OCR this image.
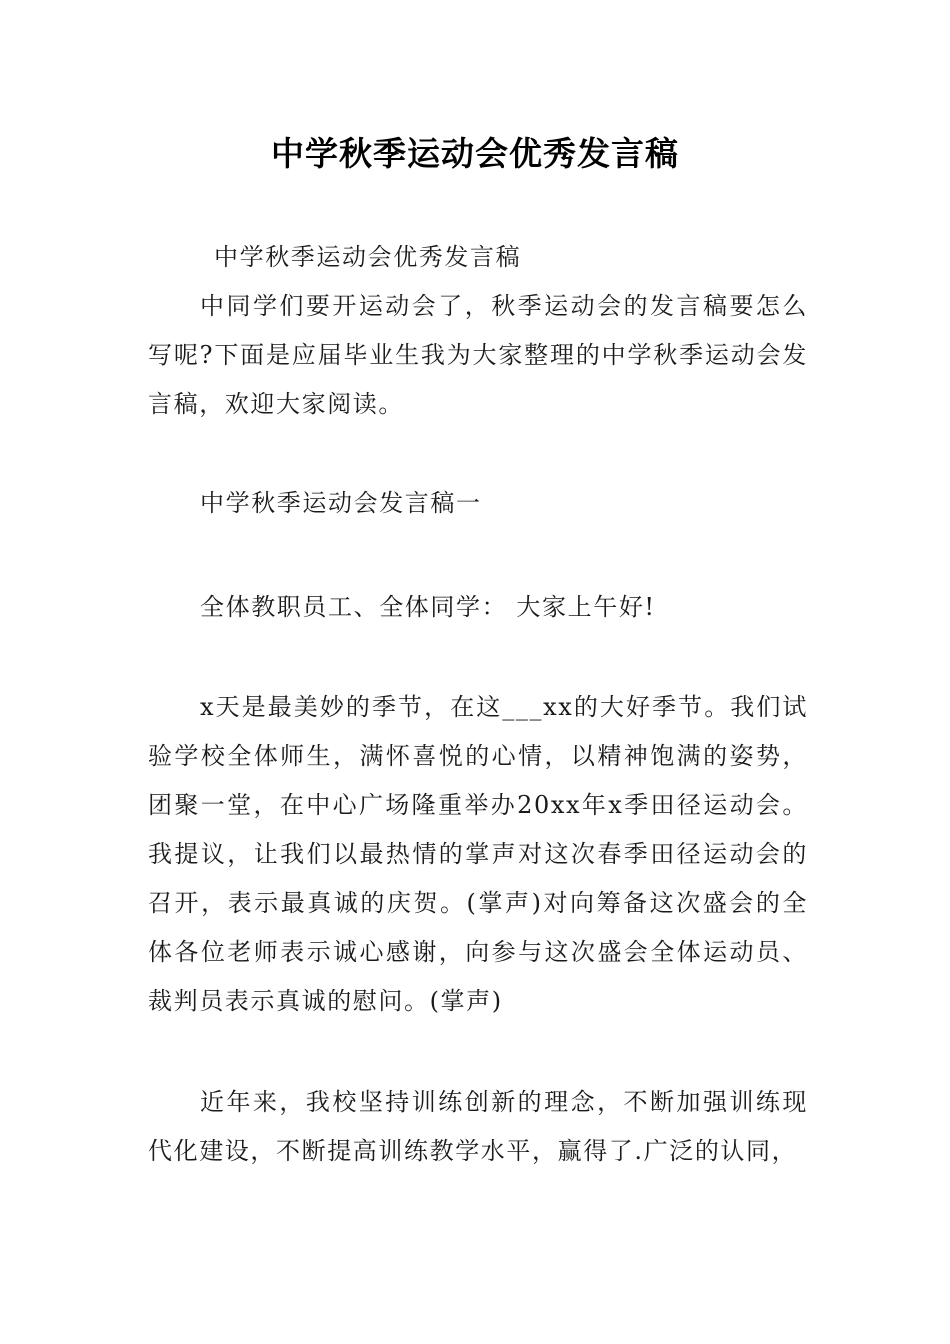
中学秋季运动会优秀发言稿
中学秋季运动会优秀发言稿

中同学们要开运动会了，秋季运动会的发言稿要怎么写呢?下面是应届毕业生我为大家整理的中学秋季运动会发言稿，欢迎大家阅读。

中学秋季运动会发言稿一

全体教职员工、全体同学： 大家上午好!

x天是最美妙的季节，在这___xx的大好季节。我们试验学校全体师生，满怀喜悦的心情，以精神饱满的姿势，团聚一堂，在中心广场隆重举办20xx年x季田径运动会。我提议，让我们以最热情的掌声对这次春季田径运动会的召开，表示最真诚的庆贺。(掌声)对向筹备这次盛会的全体各位老师表示诚心感谢，向参与这次盛会全体运动员、裁判员表示真诚的慰问。(掌声)

近年来，我校坚持训练创新的理念，不断加强训练现代化建设，不断提高训练教学水平，赢得了.广泛的认同，
